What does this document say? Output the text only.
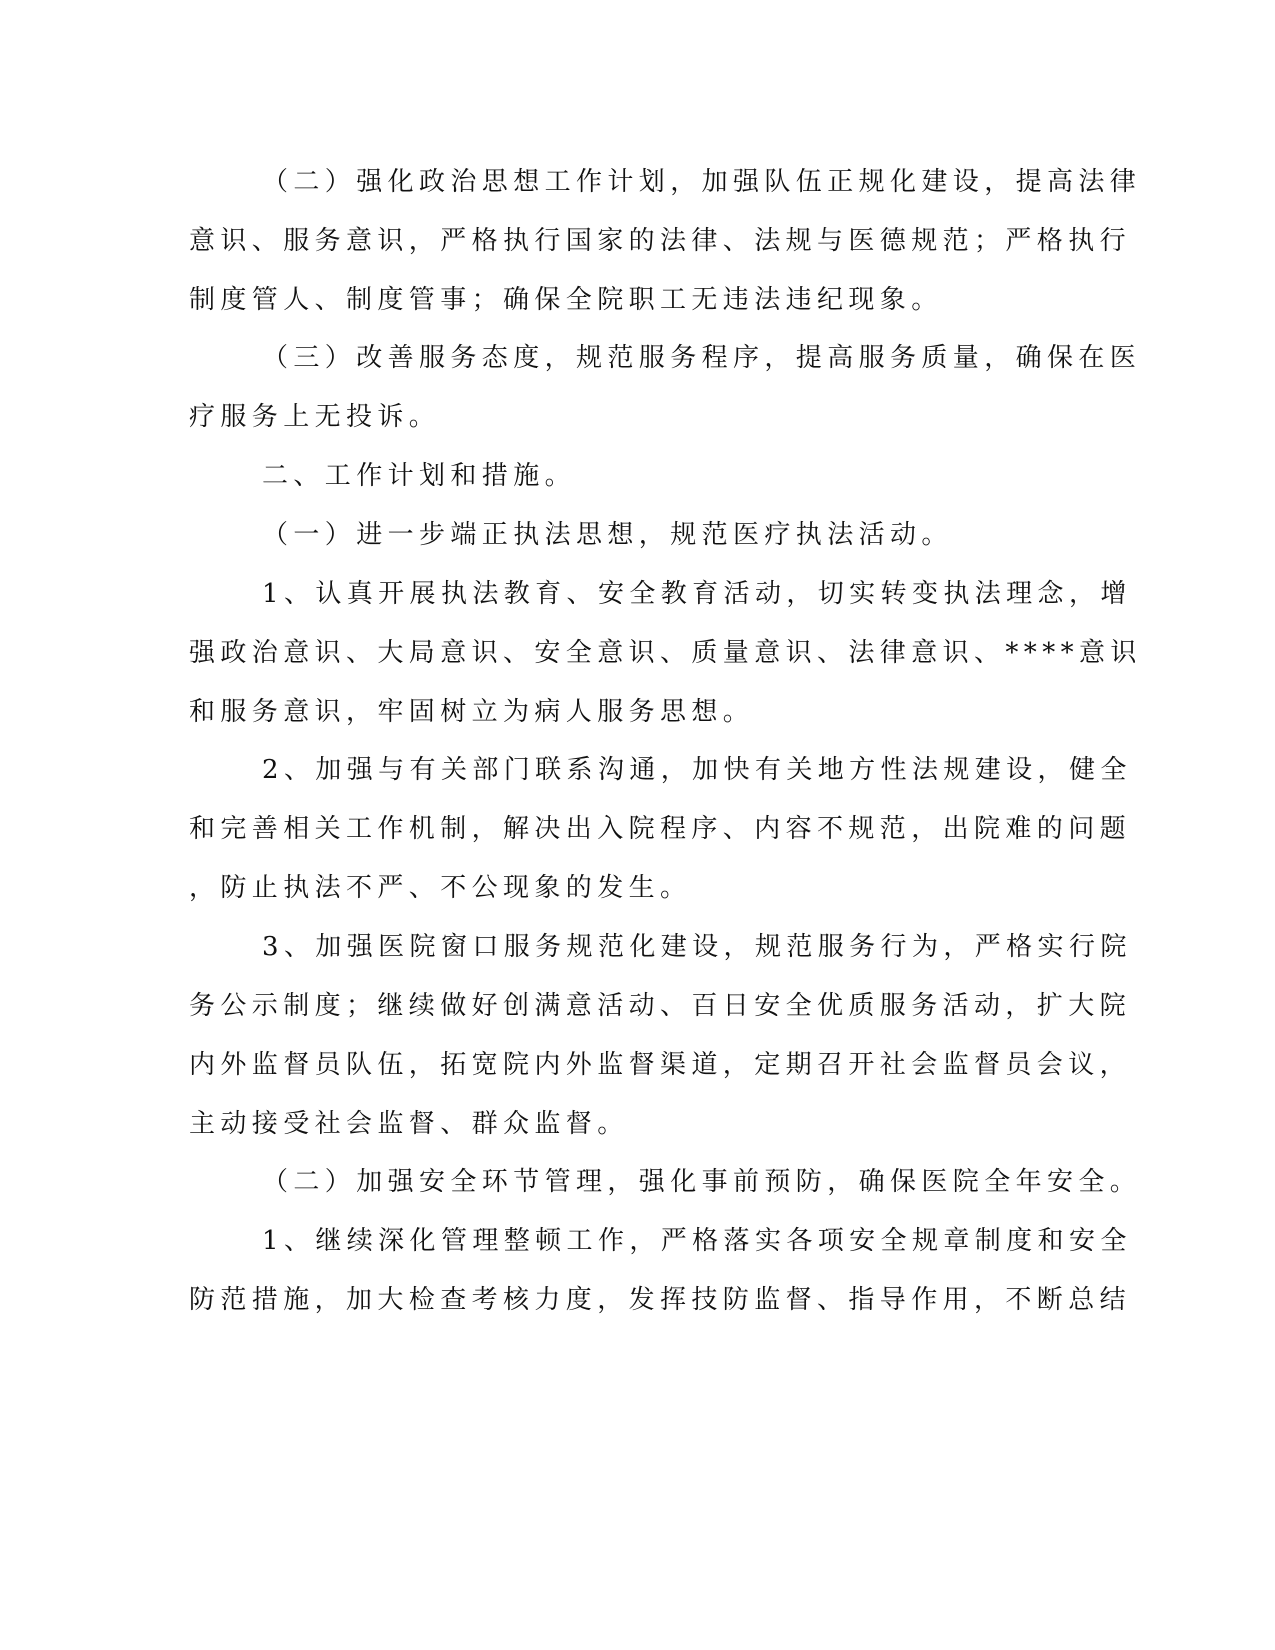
（二）强化政治思想工作计划，加强队伍正规化建设，提高法律

意识、服务意识，严格执行国家的法律、法规与医德规范；严格执行

制度管人、制度管事；确保全院职工无违法违纪现象。

（三）改善服务态度，规范服务程序，提高服务质量，确保在医

疗服务上无投诉。

二、工作计划和措施。

（一）进一步端正执法思想，规范医疗执法活动。

1、认真开展执法教育、安全教育活动，切实转变执法理念，增

强政治意识、大局意识、安全意识、质量意识、法律意识、****意识

和服务意识，牢固树立为病人服务思想。

2、加强与有关部门联系沟通，加快有关地方性法规建设，健全

和完善相关工作机制，解决出入院程序、内容不规范，出院难的问题

，防止执法不严、不公现象的发生。

3、加强医院窗口服务规范化建设，规范服务行为，严格实行院

务公示制度；继续做好创满意活动、百日安全优质服务活动，扩大院

内外监督员队伍，拓宽院内外监督渠道，定期召开社会监督员会议，

主动接受社会监督、群众监督。

（二）加强安全环节管理，强化事前预防，确保医院全年安全。

1、继续深化管理整顿工作，严格落实各项安全规章制度和安全

防范措施，加大检查考核力度，发挥技防监督、指导作用，不断总结
